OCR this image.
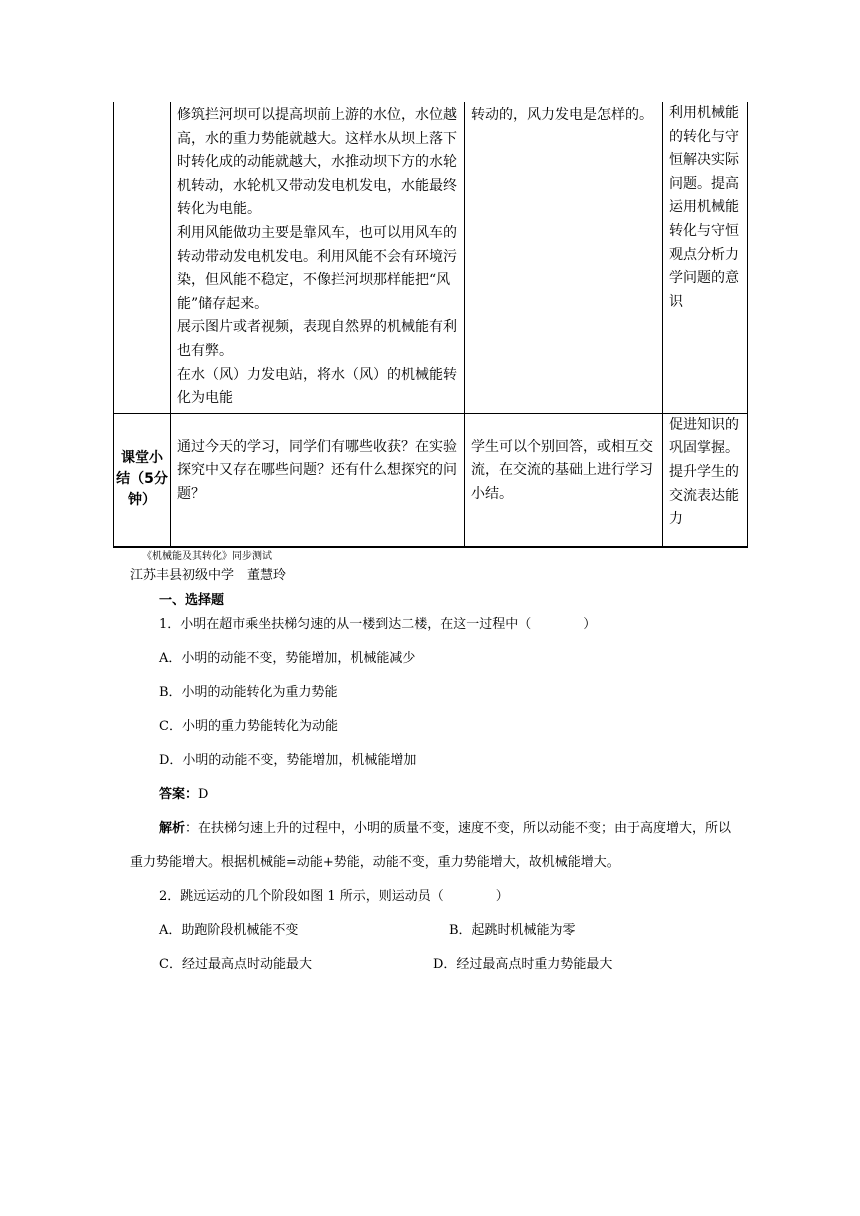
	修筑拦河坝可以提高坝前上游的水位，水位越高，水的重力势能就越大。这样水从坝上落下时转化成的动能就越大，水推动坝下方的水轮机转动，水轮机又带动发电机发电，水能最终转化为电能。
利用风能做功主要是靠风车，也可以用风车的转动带动发电机发电。利用风能不会有环境污染，但风能不稳定，不像拦河坝那样能把“风能”储存起来。
展示图片或者视频，表现自然界的机械能有利也有弊。
在水（风）力发电站，将水（风）的机械能转化为电能	转动的，风力发电是怎样的。	利用机械能的转化与守恒解决实际问题。提高运用机械能转化与守恒观点分析力学问题的意识
课堂小结（5分钟）	通过今天的学习，同学们有哪些收获？在实验探究中又存在哪些问题？还有什么想探究的问题？	学生可以个别回答，或相互交流，在交流的基础上进行学习小结。	促进知识的巩固掌握。提升学生的交流表达能力
《机械能及其转化》同步测试
江苏丰县初级中学　董慧玲
一、选择题
1．小明在超市乘坐扶梯匀速的从一楼到达二楼，在这一过程中（　　　　）
A．小明的动能不变，势能增加，机械能减少
B．小明的动能转化为重力势能
C．小明的重力势能转化为动能
D．小明的动能不变，势能增加，机械能增加
答案：D

解析：在扶梯匀速上升的过程中，小明的质量不变，速度不变，所以动能不变；由于高度增大，所以重力势能增大。根据机械能=动能+势能，动能不变，重力势能增大，故机械能增大。

2．跳远运动的几个阶段如图 1 所示，则运动员（　　　　）
A．助跑阶段机械能不变	B．起跳时机械能为零
C．经过最高点时动能最大	D．经过最高点时重力势能最大
